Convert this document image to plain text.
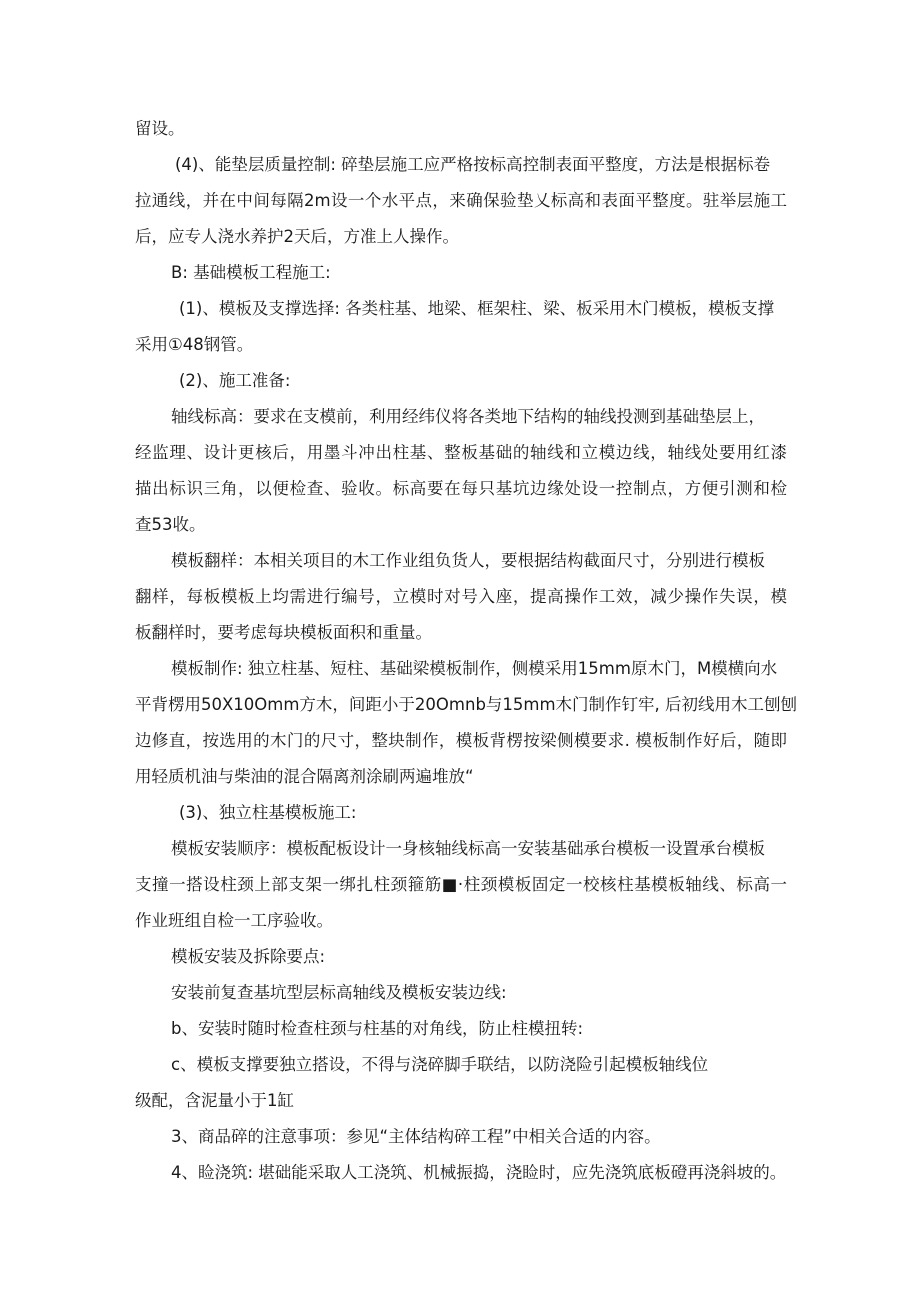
留设。

(4)、能垫层质量控制: 碎垫层施工应严格按标高控制表面平整度，方法是根据标卷

拉通线，并在中间每隔2m设一个水平点，来确保验垫乂标高和表面平整度。驻举层施工

后，应专人浇水养护2天后，方准上人操作。

B: 基础模板工程施工:

(1)、模板及支撑选择: 各类柱基、地梁、框架柱、梁、板采用木门模板，模板支撑

采用①48钢管。

(2)、施工准备:

轴线标高：要求在支模前，利用经纬仪将各类地下结构的轴线投测到基础垫层上，

经监理、设计更核后，用墨斗冲出柱基、整板基础的轴线和立模边线，轴线处要用红漆

描出标识三角，以便检查、验收。标高要在每只基坑边缘处设一控制点，方便引测和检

查53收。

模板翻样：本相关项目的木工作业组负货人，要根据结构截面尺寸，分别进行模板

翻样，每板模板上均需进行编号，立模时对号入座，提高操作工效，减少操作失误，模

板翻样时，要考虑每块模板面积和重量。

模板制作: 独立柱基、短柱、基础梁模板制作，侧模采用15mm原木门，M模横向水

平背楞用50X10Omm方木，间距小于20Omnb与15mm木门制作钉牢, 后初线用木工刨刨

边修直，按选用的木门的尺寸，整块制作，模板背楞按梁侧模要求. 模板制作好后，随即

用轻质机油与柴油的混合隔离剂涂刷两遍堆放“

(3)、独立柱基模板施工:

模板安装顺序：模板配板设计一身核轴线标高一安装基础承台模板一设置承台模板

支撞一搭设柱颈上部支架一绑扎柱颈箍筋■·柱颈模板固定一校核柱基模板轴线、标高一

作业班组自检一工序验收。

模板安装及拆除要点:

安装前复查基坑型层标高轴线及模板安装边线:

b、安装时随时检查柱颈与柱基的对角线，防止柱模扭转:

c、模板支撑要独立搭设，不得与浇碎脚手联结，以防浇险引起模板轴线位

级配，含泥量小于1缸

3、商品碎的注意事项：参见“主体结构碎工程”中相关合适的内容。

4、睑浇筑: 堪础能采取人工浇筑、机械振捣，浇睑时，应先浇筑底板磴再浇斜坡的。
